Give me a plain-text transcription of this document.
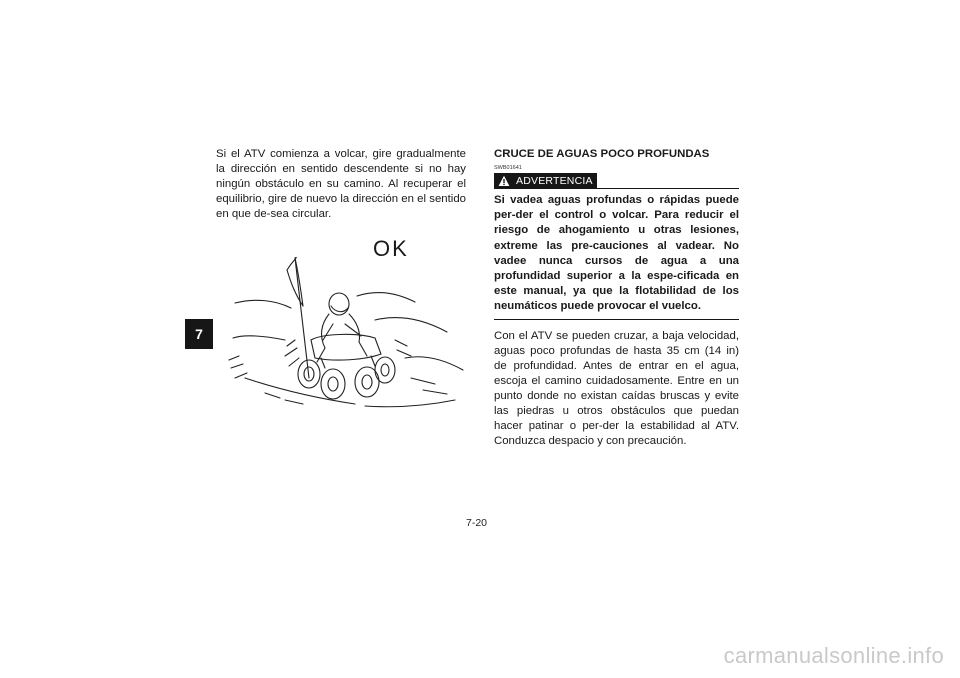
7

Si el ATV comienza a volcar, gire gradualmente la dirección en sentido descendente si no hay ningún obstáculo en su camino. Al recuperar el equilibrio, gire de nuevo la dirección en el sentido en que de-sea circular.

OK
CRUCE DE AGUAS POCO PROFUNDAS
SWB01641
ADVERTENCIA

Si vadea aguas profundas o rápidas puede per-der el control o volcar. Para reducir el riesgo de ahogamiento u otras lesiones, extreme las pre-cauciones al vadear. No vadee nunca cursos de agua a una profundidad superior a la espe-cificada en este manual, ya que la flotabilidad de los neumáticos puede provocar el vuelco.

Con el ATV se pueden cruzar, a baja velocidad, aguas poco profundas de hasta 35 cm (14 in) de profundidad. Antes de entrar en el agua, escoja el camino cuidadosamente. Entre en un punto donde no existan caídas bruscas y evite las piedras u otros obstáculos que puedan hacer patinar o per-der la estabilidad al ATV. Conduzca despacio y con precaución.

7-20
carmanualsonline.info
